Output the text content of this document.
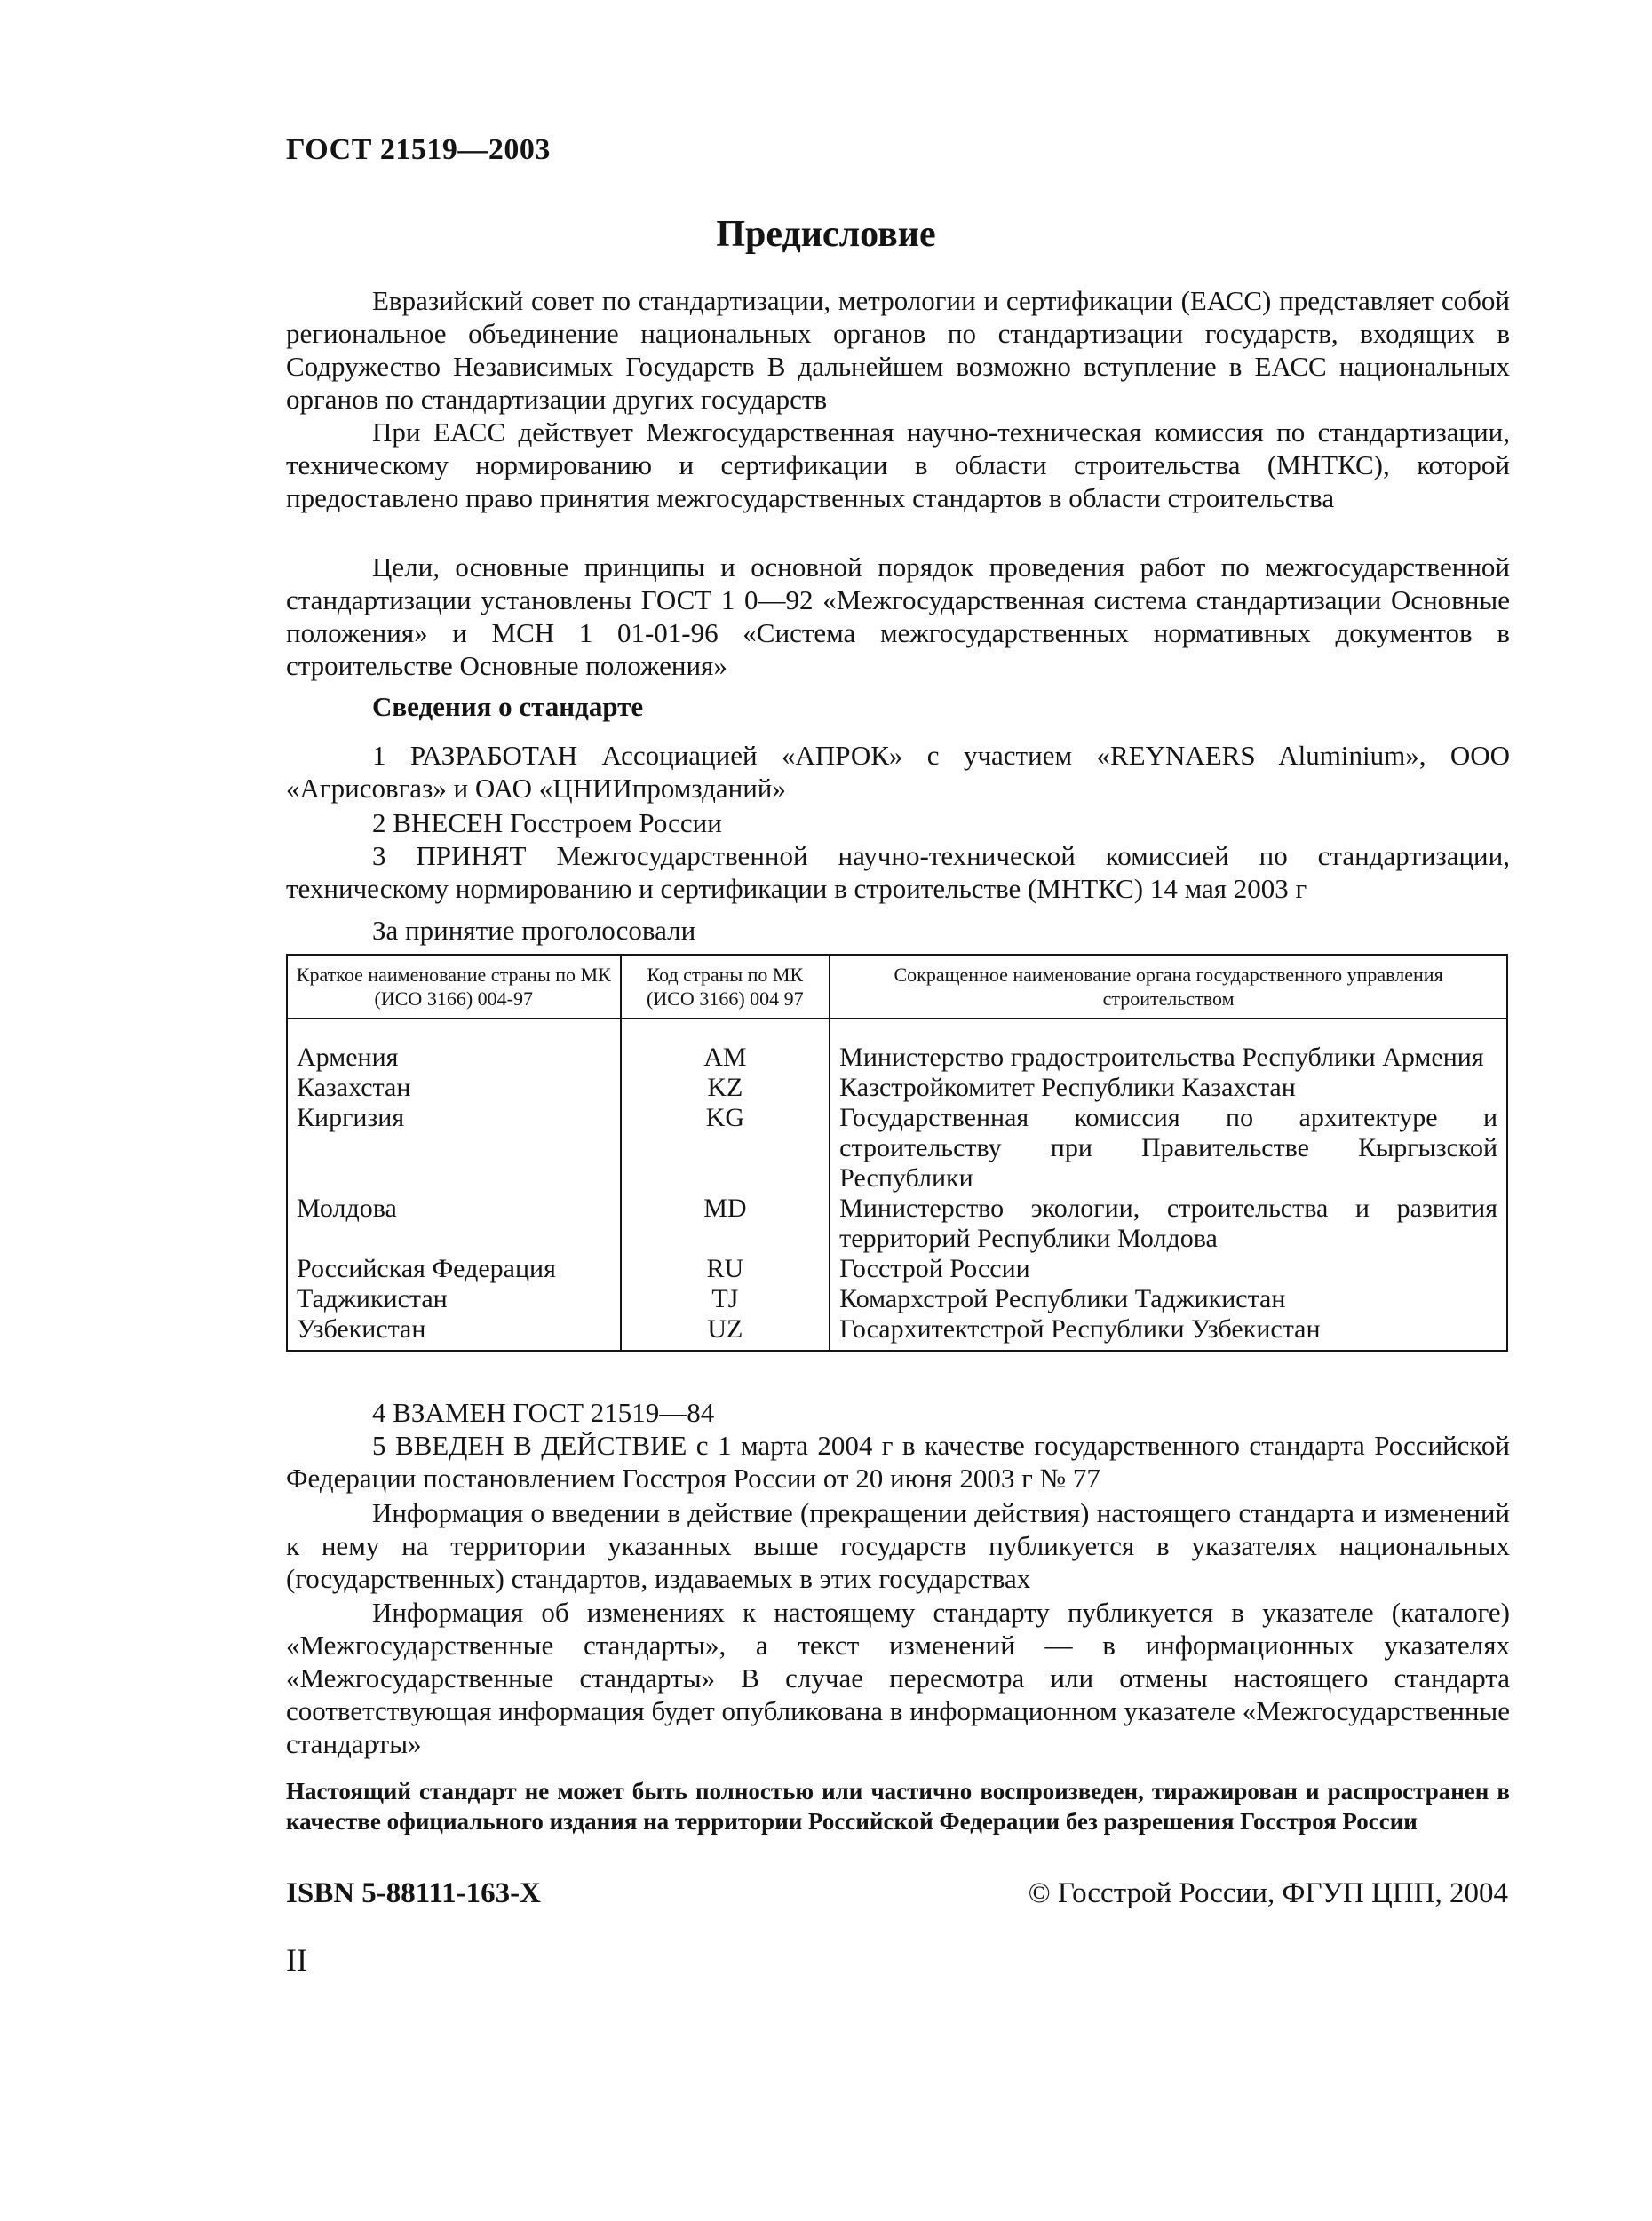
ГОСТ 21519—2003
Предисловие

Евразийский совет по стандартизации, метрологии и сертификации (ЕАСС) представляет собой региональное объединение национальных органов по стандартизации государств, входящих в Содружество Независимых Государств В дальнейшем возможно вступление в ЕАСС национальных органов по стандартизации других государств

При ЕАСС действует Межгосударственная научно-техническая комиссия по стандартизации, техническому нормированию и сертификации в области строительства (МНТКС), которой предоставлено право принятия межгосударственных стандартов в области строительства

Цели, основные принципы и основной порядок проведения работ по межгосударственной стандартизации установлены ГОСТ 1 0—92 «Межгосударственная система стандартизации Основные положения» и МСН 1 01-01-96 «Система межгосударственных нормативных документов в строительстве Основные положения»

Сведения о стандарте

1 РАЗРАБОТАН Ассоциацией «АПРОК» с участием «REYNAERS Aluminium», ООО «Агрисовгаз» и ОАО «ЦНИИпромзданий»

2 ВНЕСЕН Госстроем России

3 ПРИНЯТ Межгосударственной научно-технической комиссией по стандартизации, техническому нормированию и сертификации в строительстве (МНТКС) 14 мая 2003 г

За принятие проголосовали
Краткое наименование страны по МК (ИСО 3166) 004-97	Код страны по МК (ИСО 3166) 004 97	Сокращенное наименование органа государственного управления строительством
Армения	AM	Министерство градостроительства Республики Армения
Казахстан	KZ	Казстройкомитет Республики Казахстан
Киргизия	KG	Государственная комиссия по архитектуре и строительству при Правительстве Кыргызской Республики
Молдова	MD	Министерство экологии, строительства и развития территорий Республики Молдова
Российская Федерация	RU	Госстрой России
Таджикистан	TJ	Комархстрой Республики Таджикистан
Узбекистан	UZ	Госархитектстрой Республики Узбекистан

4 ВЗАМЕН ГОСТ 21519—84

5 ВВЕДЕН В ДЕЙСТВИЕ с 1 марта 2004 г в качестве государственного стандарта Российской Федерации постановлением Госстроя России от 20 июня 2003 г № 77

Информация о введении в действие (прекращении действия) настоящего стандарта и изменений к нему на территории указанных выше государств публикуется в указателях национальных (государственных) стандартов, издаваемых в этих государствах

Информация об изменениях к настоящему стандарту публикуется в указателе (каталоге) «Межгосударственные стандарты», а текст изменений — в информационных указателях «Межгосударственные стандарты» В случае пересмотра или отмены настоящего стандарта соответствующая информация будет опубликована в информационном указателе «Межгосударственные стандарты»

Настоящий стандарт не может быть полностью или частично воспроизведен, тиражирован и распространен в качестве официального издания на территории Российской Федерации без разрешения Госстроя России

ISBN 5-88111-163-X	© Госстрой России, ФГУП ЦПП, 2004
II
